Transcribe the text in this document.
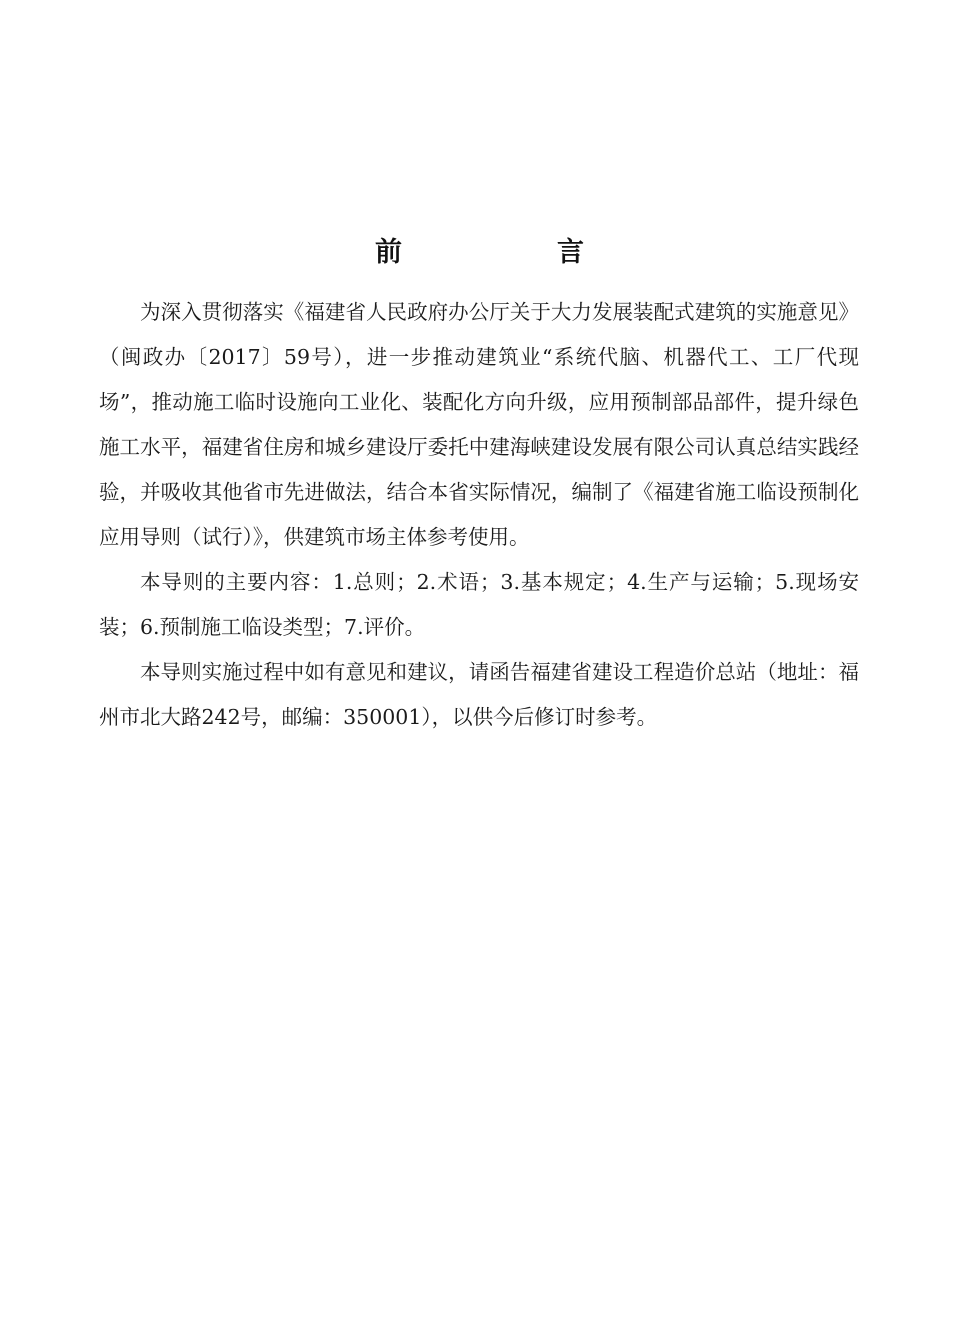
前　言

为深入贯彻落实《福建省人民政府办公厅关于大力发展装配式建筑的实施意见》（闽政办〔2017〕59号），进一步推动建筑业“系统代脑、机器代工、工厂代现场”，推动施工临时设施向工业化、装配化方向升级，应用预制部品部件，提升绿色施工水平，福建省住房和城乡建设厅委托中建海峡建设发展有限公司认真总结实践经验，并吸收其他省市先进做法，结合本省实际情况，编制了《福建省施工临设预制化应用导则（试行）》，供建筑市场主体参考使用。

本导则的主要内容：1.总则；2.术语；3.基本规定；4.生产与运输；5.现场安装；6.预制施工临设类型；7.评价。

本导则实施过程中如有意见和建议，请函告福建省建设工程造价总站（地址：福州市北大路242号，邮编：350001），以供今后修订时参考。
